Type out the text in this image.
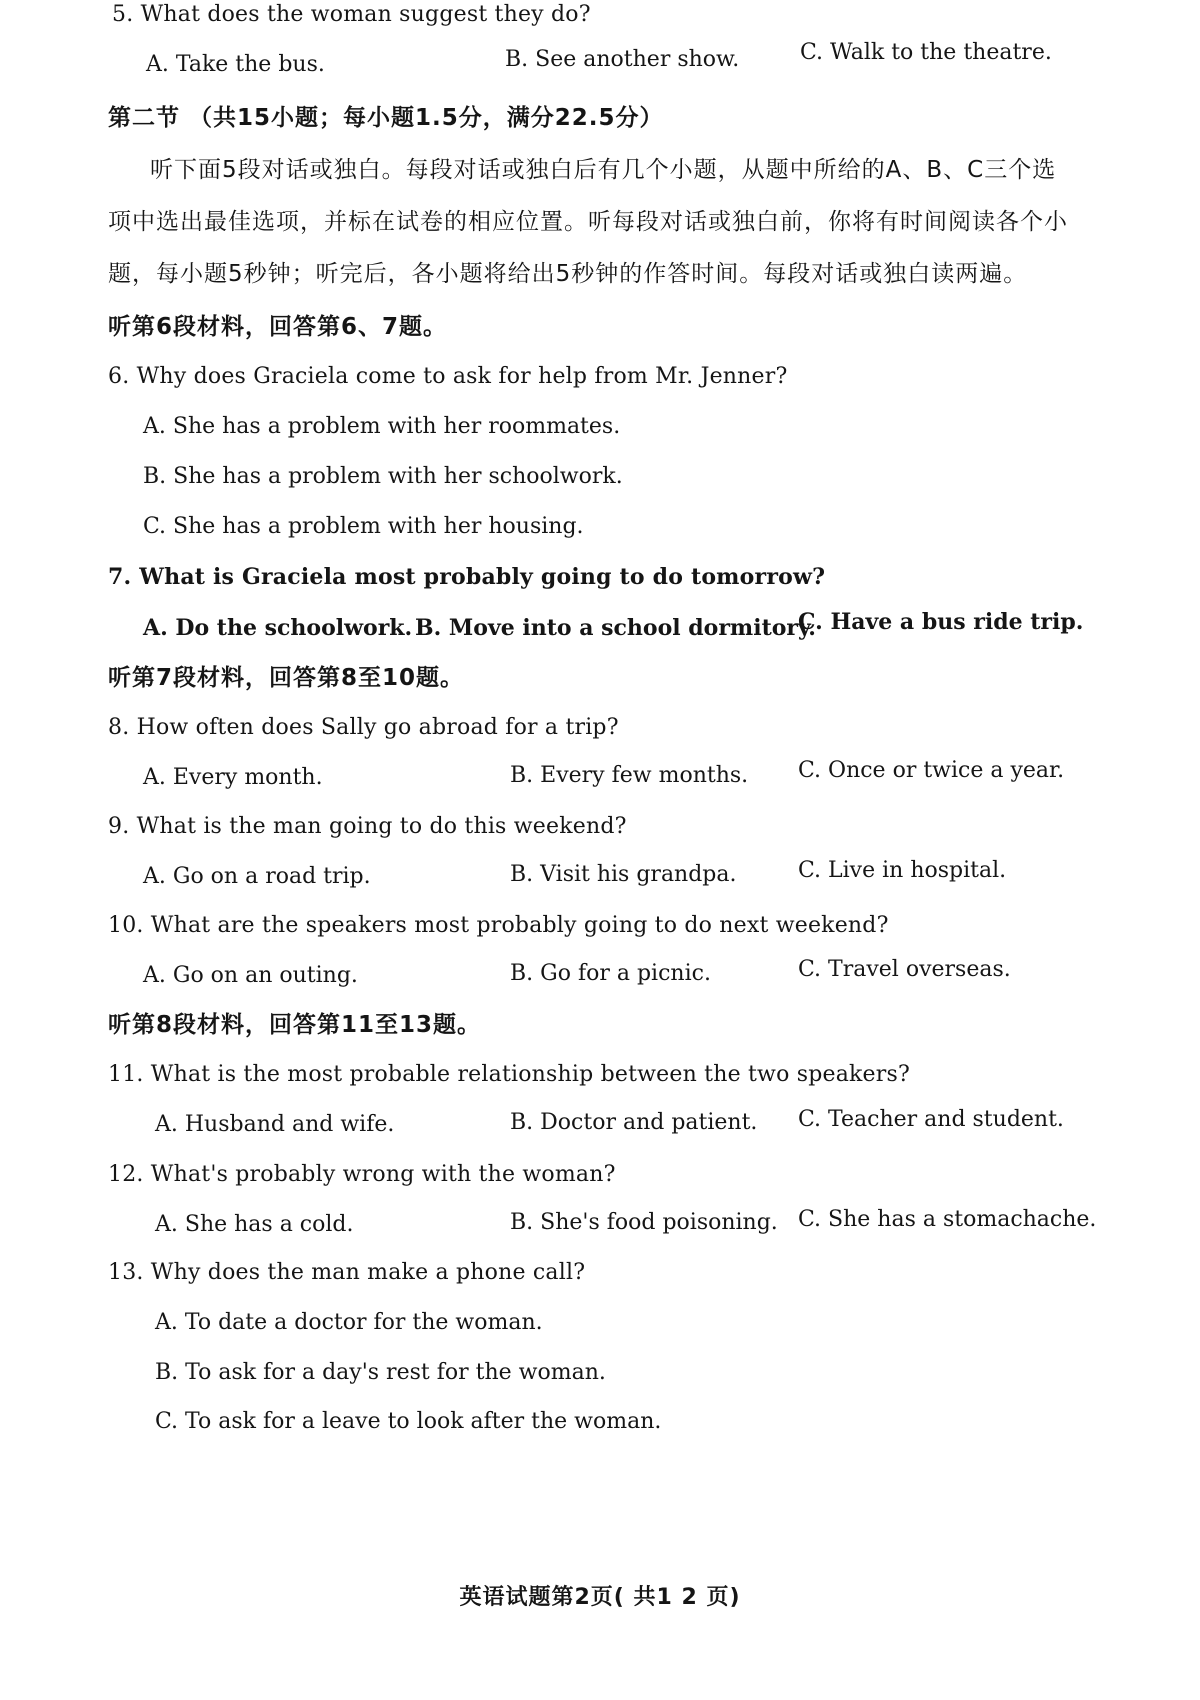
5. What does the woman suggest they do?
A. Take the bus.	B. See another show.	C. Walk to the theatre.
第二节 （共15小题；每小题1.5分，满分22.5分）
听下面5段对话或独白。每段对话或独白后有几个小题，从题中所给的A、B、C三个选
项中选出最佳选项，并标在试卷的相应位置。听每段对话或独白前，你将有时间阅读各个小
题，每小题5秒钟；听完后，各小题将给出5秒钟的作答时间。每段对话或独白读两遍。
听第6段材料，回答第6、7题。
6. Why does Graciela come to ask for help from Mr. Jenner?
A. She has a problem with her roommates.
B. She has a problem with her schoolwork.
C. She has a problem with her housing.
7. What is Graciela most probably going to do tomorrow?
A. Do the schoolwork. B. Move into a school dormitory.
C. Have a bus ride trip.
听第7段材料，回答第8至10题。
8. How often does Sally go abroad for a trip?
A. Every month.	B. Every few months. C. Once or twice a year.
9. What is the man going to do this weekend?
A. Go on a road trip.	B. Visit his grandpa.	C. Live in hospital.
10. What are the speakers most probably going to do next weekend?
A. Go on an outing.	B. Go for a picnic.	C. Travel overseas.
听第8段材料，回答第11至13题。
11. What is the most probable relationship between the two speakers?
A. Husband and wife.	B. Doctor and patient. C. Teacher and student.
12. What's probably wrong with the woman?
A. She has a cold.	B. She's food poisoning. C. She has a stomachache.
13. Why does the man make a phone call?
A. To date a doctor for the woman.
B. To ask for a day's rest for the woman.
C. To ask for a leave to look after the woman.
英语试题第2页( 共1 2 页)
